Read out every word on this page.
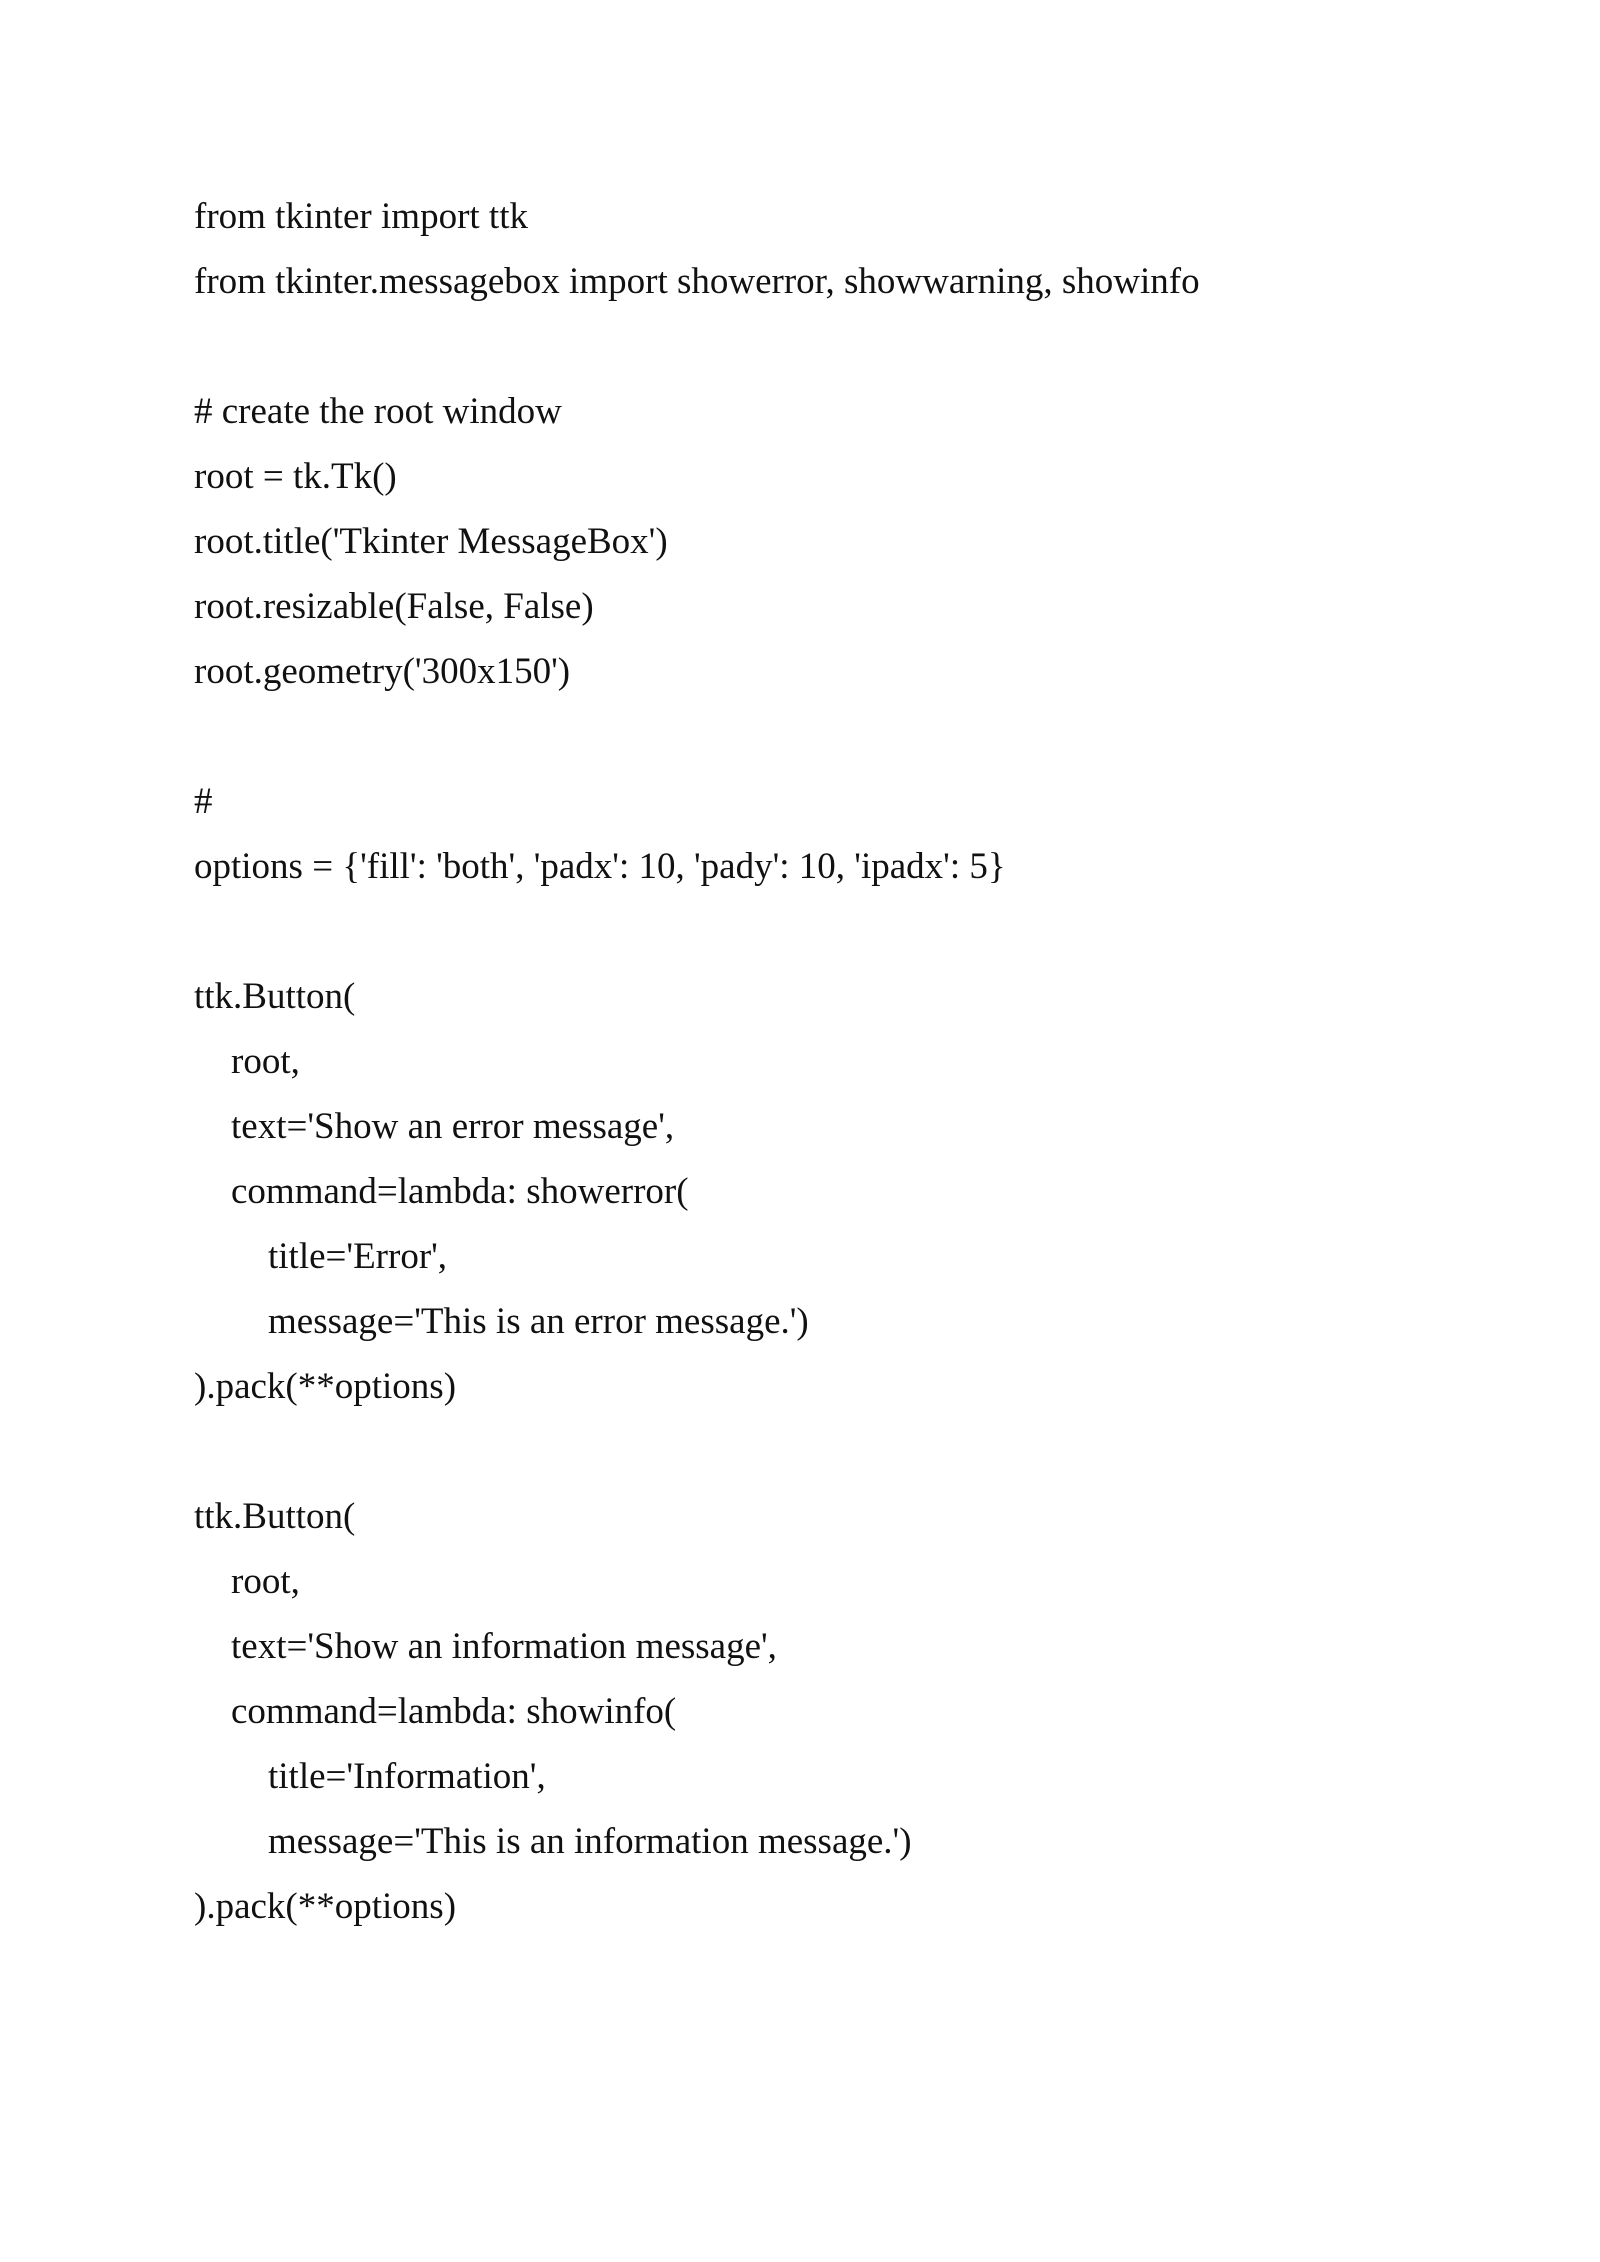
from tkinter import ttk
from tkinter.messagebox import showerror, showwarning, showinfo
# create the root window
root = tk.Tk()
root.title('Tkinter MessageBox')
root.resizable(False, False)
root.geometry('300x150')
#
options = {'fill': 'both', 'padx': 10, 'pady': 10, 'ipadx': 5}
ttk.Button(
root,
text='Show an error message',
command=lambda: showerror(
title='Error',
message='This is an error message.')
).pack(**options)
ttk.Button(
root,
text='Show an information message',
command=lambda: showinfo(
title='Information',
message='This is an information message.')
).pack(**options)
